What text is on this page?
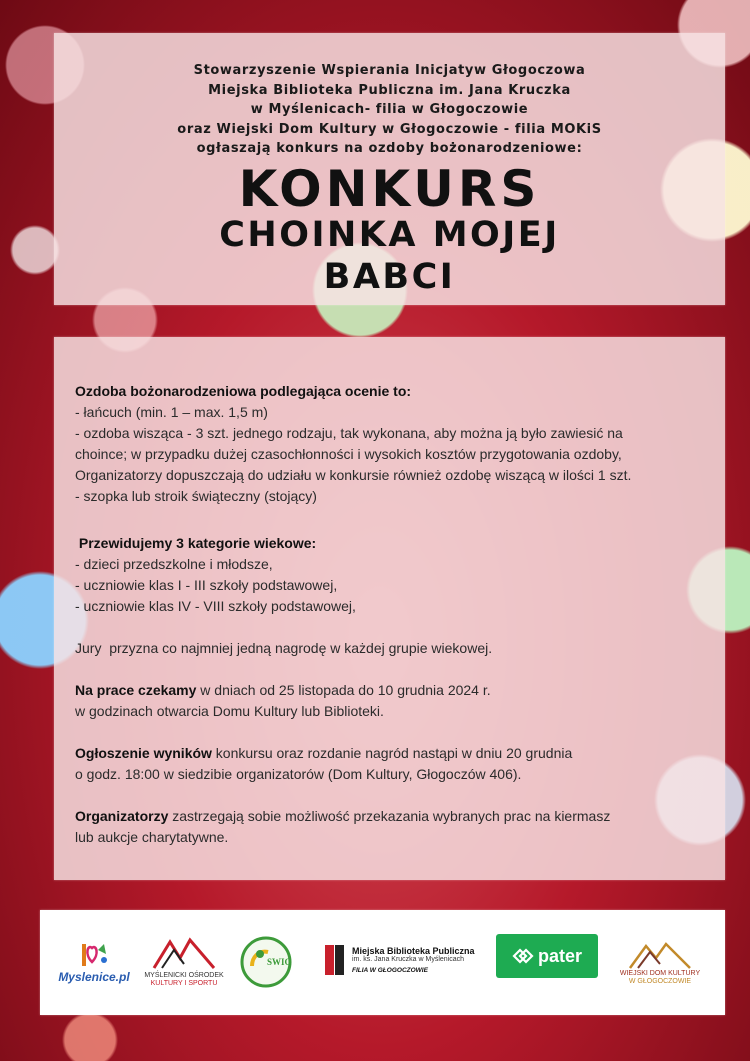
Stowarzyszenie Wspierania Inicjatyw Głogoczowa
Miejska Biblioteka Publiczna im. Jana Kruczka
w Myślenicach- filia w Głogoczowie
oraz Wiejski Dom Kultury w Głogoczowie - filia MOKiS
ogłaszają konkurs na ozdoby bożonarodzeniowe:
KONKURS
CHOINKA MOJEJ
BABCI
Ozdoba bożonarodzeniowa podlegająca ocenie to:
- łańcuch (min. 1 – max. 1,5 m)
- ozdoba wisząca - 3 szt. jednego rodzaju, tak wykonana, aby można ją było zawiesić na
choince; w przypadku dużej czasochłonności i wysokich kosztów przygotowania ozdoby,
Organizatorzy dopuszczają do udziału w konkursie również ozdobę wiszącą w ilości 1 szt.
- szopka lub stroik świąteczny (stojący)
Przewidujemy 3 kategorie wiekowe:
- dzieci przedszkolne i młodsze,
- uczniowie klas I - III szkoły podstawowej,
- uczniowie klas IV - VIII szkoły podstawowej,
Jury  przyzna co najmniej jedną nagrodę w każdej grupie wiekowej.
Na prace czekamy w dniach od 25 listopada do 10 grudnia 2024 r.
w godzinach otwarcia Domu Kultury lub Biblioteki.
Ogłoszenie wyników konkursu oraz rozdanie nagród nastąpi w dniu 20 grudnia
o godz. 18:00 w siedzibie organizatorów (Dom Kultury, Głogoczów 406).
Organizatorzy zastrzegają sobie możliwość przekazania wybranych prac na kiermasz
lub aukcje charytatywne.
Myslenice.pl MYŚLENICKI OŚRODEK
KULTURY I SPORTU
SWIG
Miejska Biblioteka Publiczna
im. ks. Jana Kruczka w Myślenicach
FILIA W GŁOGOCZOWIE
pater
WIEJSKI DOM KULTURY
W GŁOGOCZOWIE
